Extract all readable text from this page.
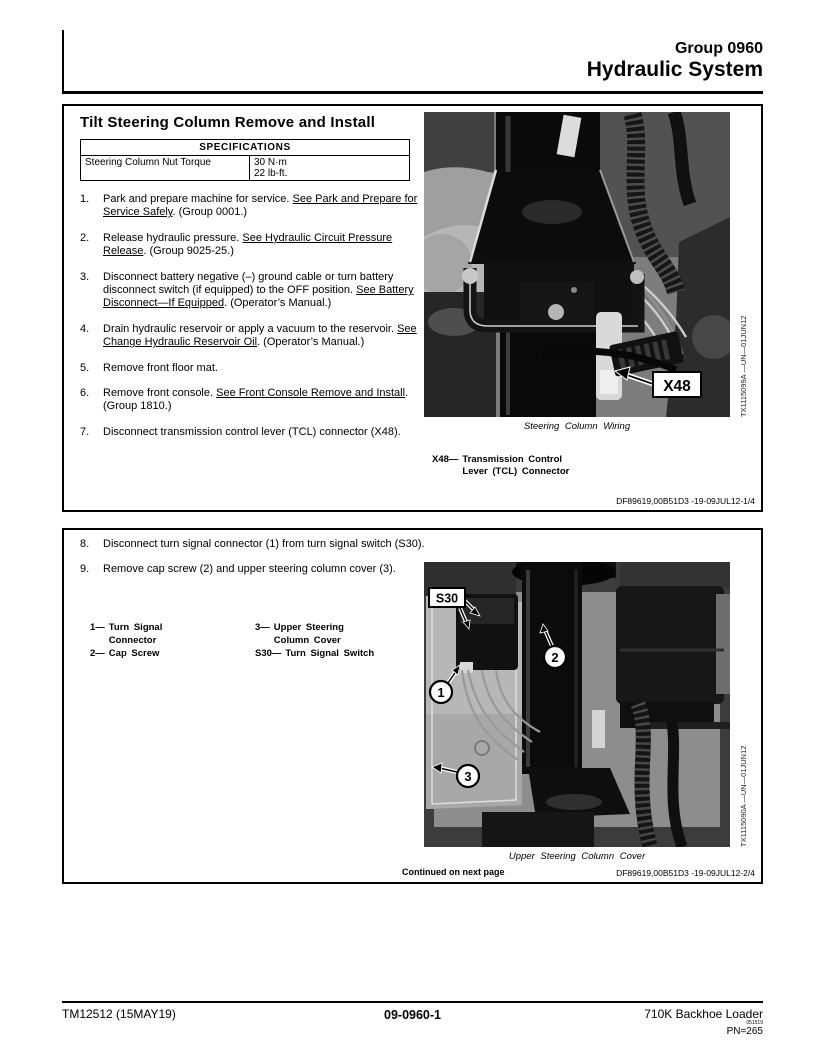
Group 0960
Hydraulic System
Tilt Steering Column Remove and Install
SPECIFICATIONS
Steering Column Nut Torque	30 N·m
22 lb-ft.
1.	Park and prepare machine for service. See Park and Prepare for Service Safely. (Group 0001.)
2.	Release hydraulic pressure. See Hydraulic Circuit Pressure Release. (Group 9025-25.)
3.	Disconnect battery negative (–) ground cable or turn battery disconnect switch (if equipped) to the OFF position. See Battery Disconnect—If Equipped. (Operator’s Manual.)
4.	Drain hydraulic reservoir or apply a vacuum to the reservoir. See Change Hydraulic Reservoir Oil. (Operator’s Manual.)
5.	Remove front floor mat.
6.	Remove front console. See Front Console Remove and Install. (Group 1810.)
7.	Disconnect transmission control lever (TCL) connector (X48).
X48
Steering Column Wiring
X48— Transmission Control
Lever (TCL) Connector
TX1115099A —UN—01JUN12
DF89619,00B51D3 -19-09JUL12-1/4
8.	Disconnect turn signal connector (1) from turn signal switch (S30).
9.	Remove cap screw (2) and upper steering column cover (3).
1— Turn Signal Connector
2— Cap Screw
3— Upper Steering Column Cover
S30— Turn Signal Switch
S30
1
2
3
Upper Steering Column Cover
TX1115090A —UN—01JUN12
Continued on next page	DF89619,00B51D3 -19-09JUL12-2/4
TM12512 (15MAY19)	09-0960-1	710K Backhoe Loader
051519
PN=265
